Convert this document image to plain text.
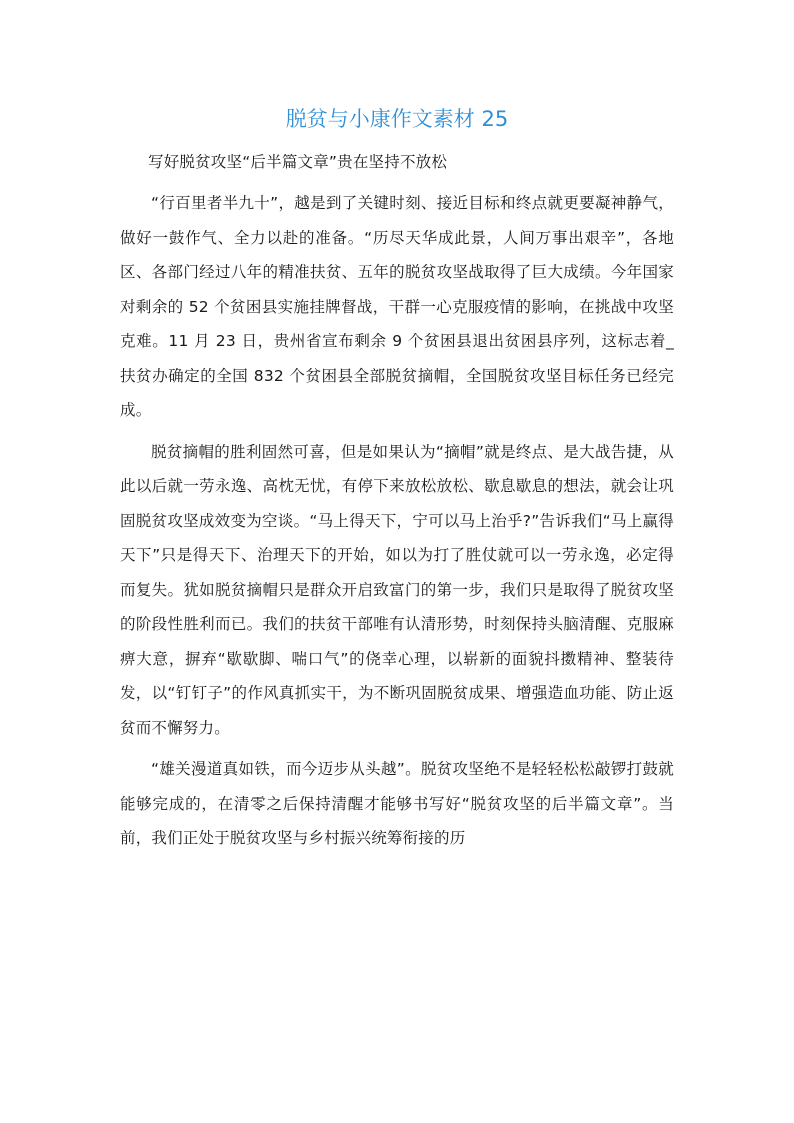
脱贫与小康作文素材 25

写好脱贫攻坚“后半篇文章”贵在坚持不放松

“行百里者半九十”，越是到了关键时刻、接近目标和终点就更要凝神静气，做好一鼓作气、全力以赴的准备。“历尽天华成此景，人间万事出艰辛”，各地区、各部门经过八年的精准扶贫、五年的脱贫攻坚战取得了巨大成绩。今年国家对剩余的 52 个贫困县实施挂牌督战，干群一心克服疫情的影响，在挑战中攻坚克难。11 月 23 日，贵州省宣布剩余 9 个贫困县退出贫困县序列，这标志着_扶贫办确定的全国 832 个贫困县全部脱贫摘帽，全国脱贫攻坚目标任务已经完成。

脱贫摘帽的胜利固然可喜，但是如果认为“摘帽”就是终点、是大战告捷，从此以后就一劳永逸、高枕无忧，有停下来放松放松、歇息歇息的想法，就会让巩固脱贫攻坚成效变为空谈。“马上得天下，宁可以马上治乎?”告诉我们“马上赢得天下”只是得天下、治理天下的开始，如以为打了胜仗就可以一劳永逸，必定得而复失。犹如脱贫摘帽只是群众开启致富门的第一步，我们只是取得了脱贫攻坚的阶段性胜利而已。我们的扶贫干部唯有认清形势，时刻保持头脑清醒、克服麻痹大意，摒弃“歇歇脚、喘口气”的侥幸心理，以崭新的面貌抖擞精神、整装待发，以“钉钉子”的作风真抓实干，为不断巩固脱贫成果、增强造血功能、防止返贫而不懈努力。

“雄关漫道真如铁，而今迈步从头越”。脱贫攻坚绝不是轻轻松松敲锣打鼓就能够完成的，在清零之后保持清醒才能够书写好“脱贫攻坚的后半篇文章”。当前，我们正处于脱贫攻坚与乡村振兴统筹衔接的历
